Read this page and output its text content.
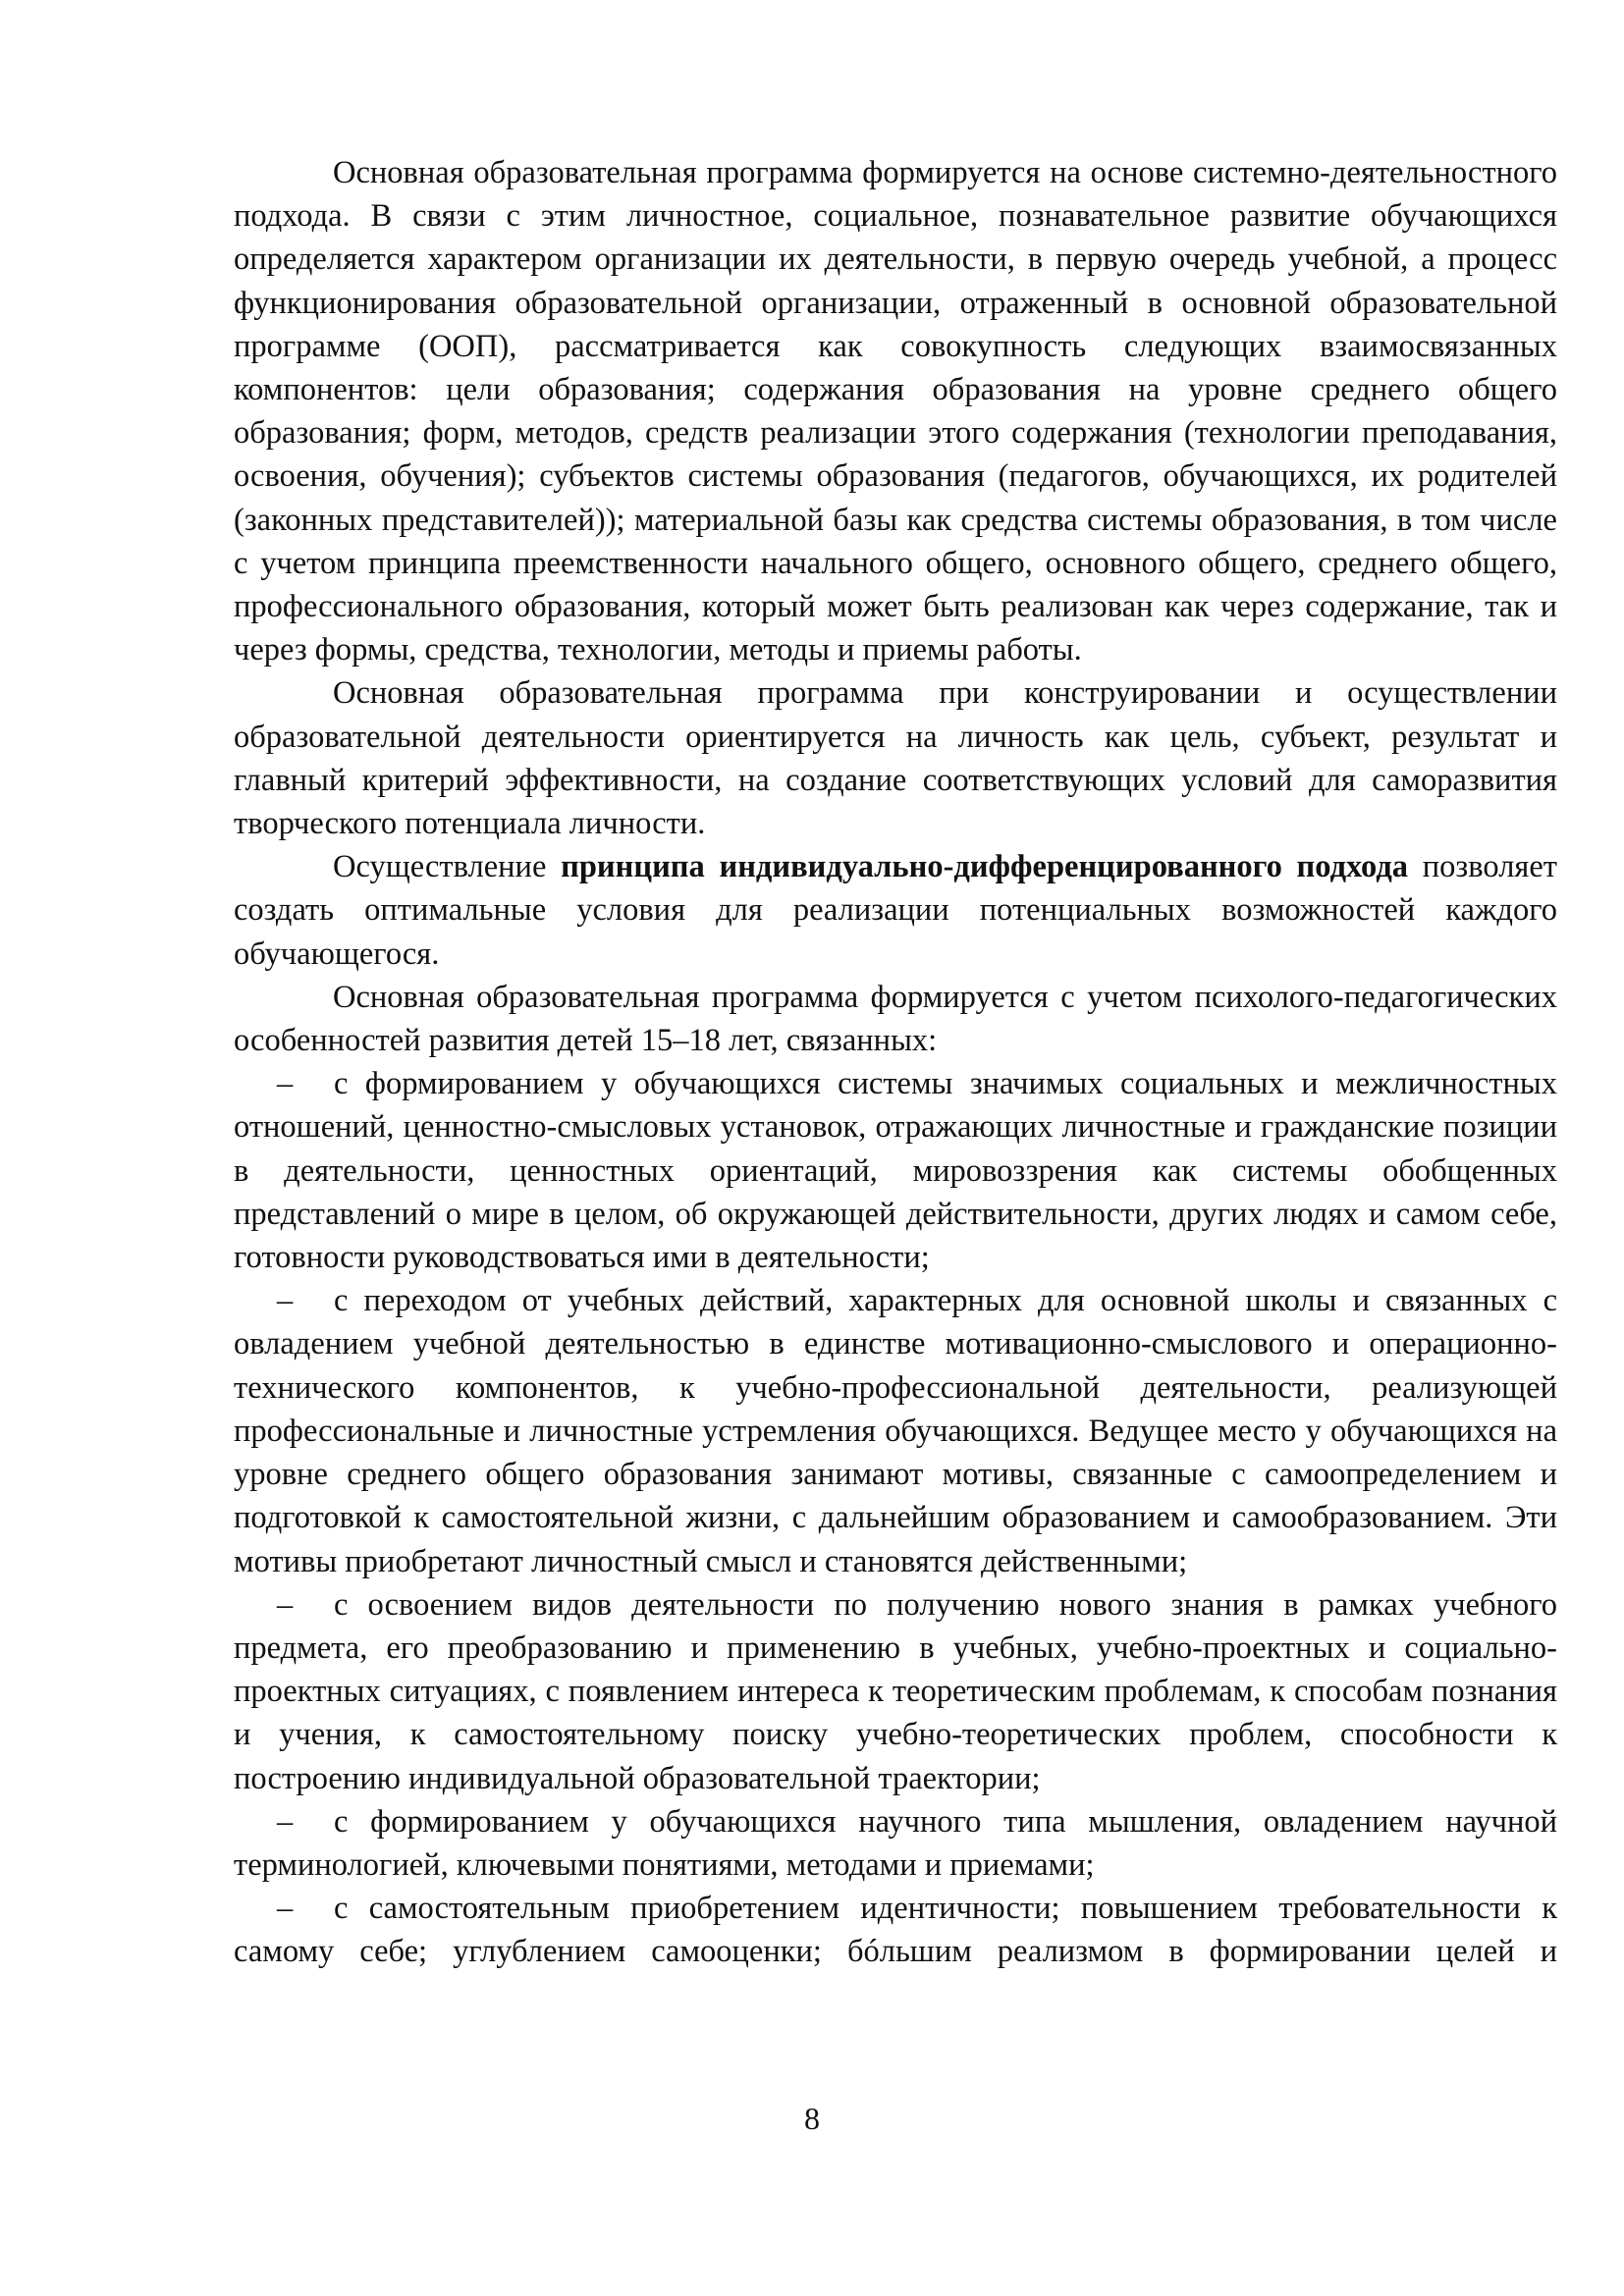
Основная образовательная программа формируется на основе системно-деятельностного подхода. В связи с этим личностное, социальное, познавательное развитие обучающихся определяется характером организации их деятельности, в первую очередь учебной, а процесс функционирования образовательной организации, отраженный в основной образовательной программе (ООП), рассматривается как совокупность следующих взаимосвязанных компонентов: цели образования; содержания образования на уровне среднего общего образования; форм, методов, средств реализации этого содержания (технологии преподавания, освоения, обучения); субъектов системы образования (педагогов, обучающихся, их родителей (законных представителей)); материальной базы как средства системы образования, в том числе с учетом принципа преемственности начального общего, основного общего, среднего общего, профессионального образования, который может быть реализован как через содержание, так и через формы, средства, технологии, методы и приемы работы.

Основная образовательная программа при конструировании и осуществлении образовательной деятельности ориентируется на личность как цель, субъект, результат и главный критерий эффективности, на создание соответствующих условий для саморазвития творческого потенциала личности.

Осуществление принципа индивидуально-дифференцированного подхода позволяет создать оптимальные условия для реализации потенциальных возможностей каждого обучающегося.

Основная образовательная программа формируется с учетом психолого-педагогических особенностей развития детей 15–18 лет, связанных:

– с формированием у обучающихся системы значимых социальных и межличностных отношений, ценностно-смысловых установок, отражающих личностные и гражданские позиции в деятельности, ценностных ориентаций, мировоззрения как системы обобщенных представлений о мире в целом, об окружающей действительности, других людях и самом себе, готовности руководствоваться ими в деятельности;

– с переходом от учебных действий, характерных для основной школы и связанных с овладением учебной деятельностью в единстве мотивационно-смыслового и операционно-технического компонентов, к учебно-профессиональной деятельности, реализующей профессиональные и личностные устремления обучающихся. Ведущее место у обучающихся на уровне среднего общего образования занимают мотивы, связанные с самоопределением и подготовкой к самостоятельной жизни, с дальнейшим образованием и самообразованием. Эти мотивы приобретают личностный смысл и становятся действенными;

– с освоением видов деятельности по получению нового знания в рамках учебного предмета, его преобразованию и применению в учебных, учебно-проектных и социально-проектных ситуациях, с появлением интереса к теоретическим проблемам, к способам познания и учения, к самостоятельному поиску учебно-теоретических проблем, способности к построению индивидуальной образовательной траектории;

– с формированием у обучающихся научного типа мышления, овладением научной терминологией, ключевыми понятиями, методами и приемами;

– с самостоятельным приобретением идентичности; повышением требовательности к самому себе; углублением самооценки; бóльшим реализмом в формировании целей и

8
